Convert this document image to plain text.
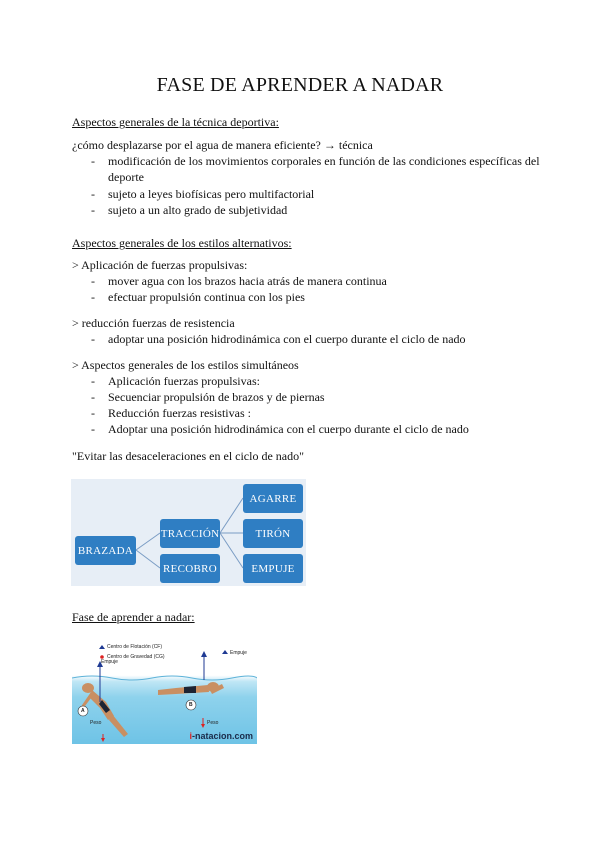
FASE DE APRENDER A NADAR

Aspectos generales de la técnica deportiva:

¿cómo desplazarse por el agua de manera eficiente? → técnica

- modificación de los movimientos corporales en función de las condiciones específicas del deporte
- sujeto a leyes biofísicas pero multifactorial
- sujeto a un alto grado de subjetividad

Aspectos generales de los estilos alternativos:

> Aplicación de fuerzas propulsivas:

- mover agua con los brazos hacia atrás de manera continua
- efectuar propulsión continua con los pies

> reducción fuerzas de resistencia

- adoptar una posición hidrodinámica con el cuerpo durante el ciclo de nado

> Aspectos generales de los estilos simultáneos

- Aplicación fuerzas propulsivas:
- Secuenciar propulsión de brazos y de piernas
- Reducción fuerzas resistivas :
- Adoptar una posición hidrodinámica con el cuerpo durante el ciclo de nado

"Evitar las desaceleraciones en el ciclo de nado"

BRAZADA
TRACCIÓN
RECOBRO
AGARRE
TIRÓN
EMPUJE

Fase de aprender a nadar:

Centro de Flotación (CF)
Centro de Gravedad (CG)
Empuje
Empuje
Peso	Peso
A
B
i-natacion.com
